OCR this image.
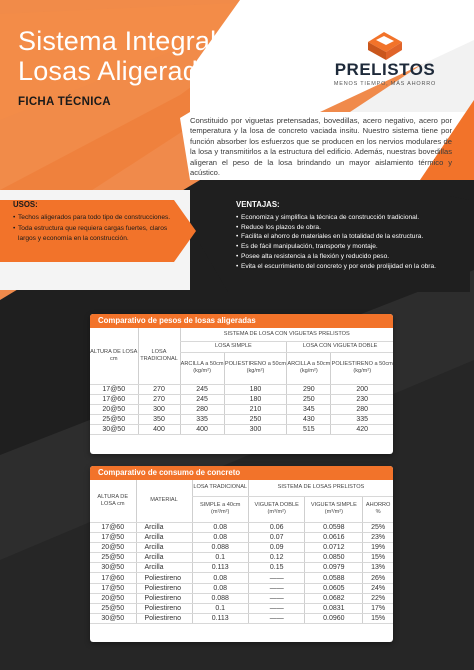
Sistema Integral de
Losas Aligeradas
FICHA TÉCNICA
PRELISTOS
MENOS TIEMPO, MÁS AHORRO

Constituido por viguetas pretensadas, bovedillas, acero negativo, acero por temperatura y la losa de concreto vaciada insitu. Nuestro sistema tiene por función absorber los esfuerzos que se producen en los nervios modulares de la losa y transmitirlos a la estructura del edificio. Además, nuestras bovedillas aligeran el peso de la losa brindando un mayor aislamiento térmico y acústico.

USOS:
• Techos aligerados para todo tipo de construcciones.
• Toda estructura que requiera cargas fuertes, claros largos y economía en la construcción.
VENTAJAS:
• Economiza y simplifica la técnica de construcción tradicional.
• Reduce los plazos de obra.
• Facilita el ahorro de materiales en la totalidad de la estructura.
• Es de fácil manipulación, transporte y montaje.
• Posee alta resistencia a la flexión y reducido peso.
• Evita el escurrimiento del concreto y por ende prolijidad en la obra.
Comparativo de pesos de losas aligeradas
ALTURA DE LOSA cm	LOSA TRADICIONAL	SISTEMA DE LOSA CON VIGUETAS PRELISTOS			
		LOSA SIMPLE		LOSA CON VIGUETA DOBLE	
		ARCILLA a 50cm (kg/m²)	POLIESTIRENO a 50cm (kg/m²)	ARCILLA a 50cm (kg/m²)	POLIESTIRENO a 50cm (kg/m²)
17@50	270	245	180	290	200
17@60	270	245	180	250	230
20@50	300	280	210	345	280
25@50	350	335	250	430	335
30@50	400	400	300	515	420
Comparativo de consumo de concreto
ALTURA DE LOSA cm	MATERIAL	LOSA TRADICIONAL	SISTEMA DE LOSAS PRELISTOS		
		SIMPLE a 40cm (m³/m²)	VIGUETA DOBLE (m³/m²)	VIGUETA SIMPLE (m³/m²)	AHORRO %
17@60	Arcilla	0.08	0.06	0.0598	25%
17@50	Arcilla	0.08	0.07	0.0616	23%
20@50	Arcilla	0.088	0.09	0.0712	19%
25@50	Arcilla	0.1	0.12	0.0850	15%
30@50	Arcilla	0.113	0.15	0.0979	13%
17@60	Poliestireno	0.08	——	0.0588	26%
17@50	Poliestireno	0.08	——	0.0605	24%
20@50	Poliestireno	0.088	——	0.0682	22%
25@50	Poliestireno	0.1	——	0.0831	17%
30@50	Poliestireno	0.113	——	0.0960	15%
